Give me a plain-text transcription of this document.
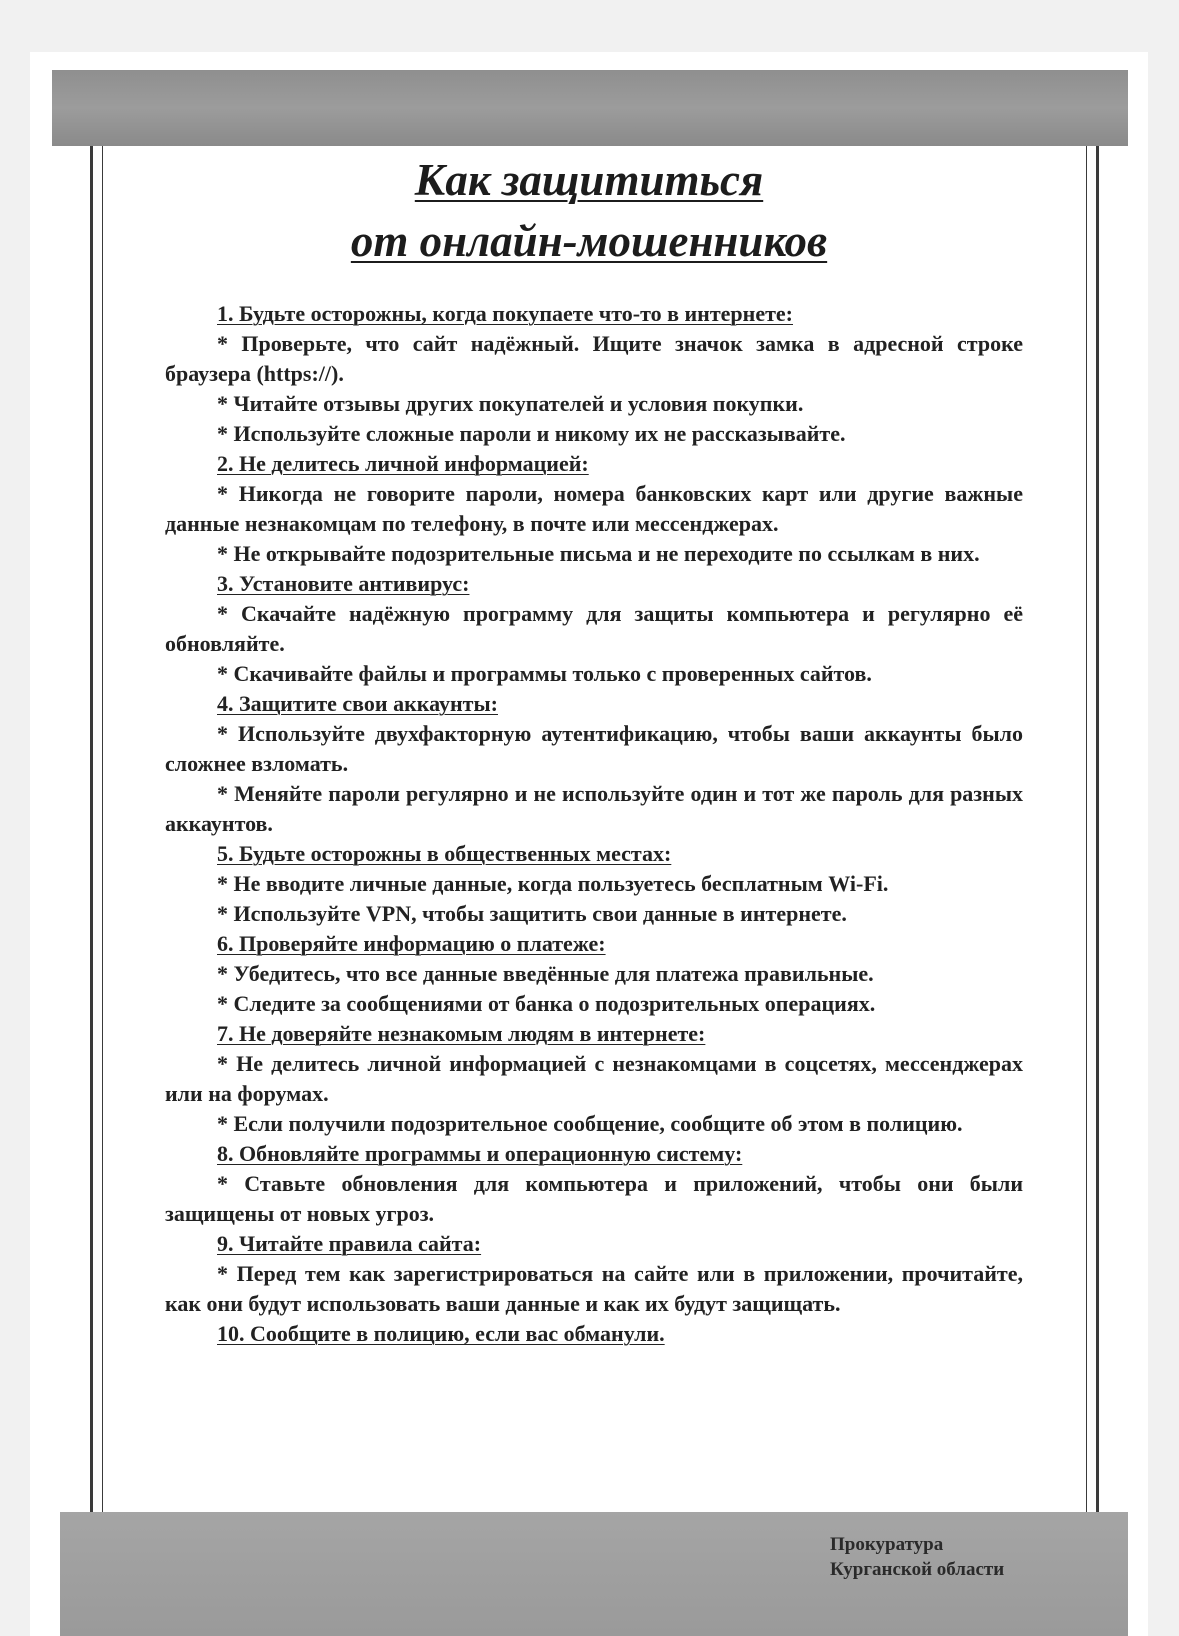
Как защититься
от онлайн-мошенников

1. Будьте осторожны, когда покупаете что-то в интернете:

* Проверьте, что сайт надёжный. Ищите значок замка в адресной строке браузера (https://).

* Читайте отзывы других покупателей и условия покупки.

* Используйте сложные пароли и никому их не рассказывайте.

2. Не делитесь личной информацией:

* Никогда не говорите пароли, номера банковских карт или другие важные данные незнакомцам по телефону, в почте или мессенджерах.

* Не открывайте подозрительные письма и не переходите по ссылкам в них.

3. Установите антивирус:

* Скачайте надёжную программу для защиты компьютера и регулярно её обновляйте.

* Скачивайте файлы и программы только с проверенных сайтов.

4. Защитите свои аккаунты:

* Используйте двухфакторную аутентификацию, чтобы ваши аккаунты было сложнее взломать.

* Меняйте пароли регулярно и не используйте один и тот же пароль для разных аккаунтов.

5. Будьте осторожны в общественных местах:

* Не вводите личные данные, когда пользуетесь бесплатным Wi-Fi.

* Используйте VPN, чтобы защитить свои данные в интернете.

6. Проверяйте информацию о платеже:

* Убедитесь, что все данные введённые для платежа правильные.

* Следите за сообщениями от банка о подозрительных операциях.

7. Не доверяйте незнакомым людям в интернете:

* Не делитесь личной информацией с незнакомцами в соцсетях, мессенджерах или на форумах.

* Если получили подозрительное сообщение, сообщите об этом в полицию.

8. Обновляйте программы и операционную систему:

* Ставьте обновления для компьютера и приложений, чтобы они были защищены от новых угроз.

9. Читайте правила сайта:

* Перед тем как зарегистрироваться на сайте или в приложении, прочитайте, как они будут использовать ваши данные и как их будут защищать.

10. Сообщите в полицию, если вас обманули.

Прокуратура
Курганской области
